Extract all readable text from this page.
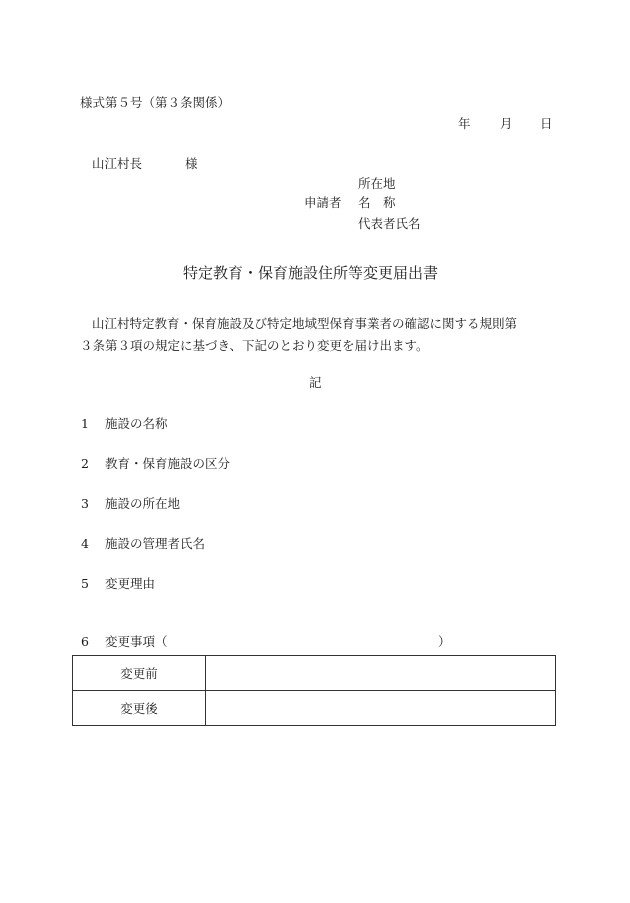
様式第５号（第３条関係）
年 月 日
山江村長	様
所在地
申請者 名　称
代表者氏名
特定教育・保育施設住所等変更届出書
山江村特定教育・保育施設及び特定地域型保育事業者の確認に関する規則第
３条第３項の規定に基づき、下記のとおり変更を届け出ます。
記
1 施設の名称
2 教育・保育施設の区分
3 施設の所在地
4 施設の管理者氏名
5 変更理由
6 変更事項（	）
変更前	
変更後	
